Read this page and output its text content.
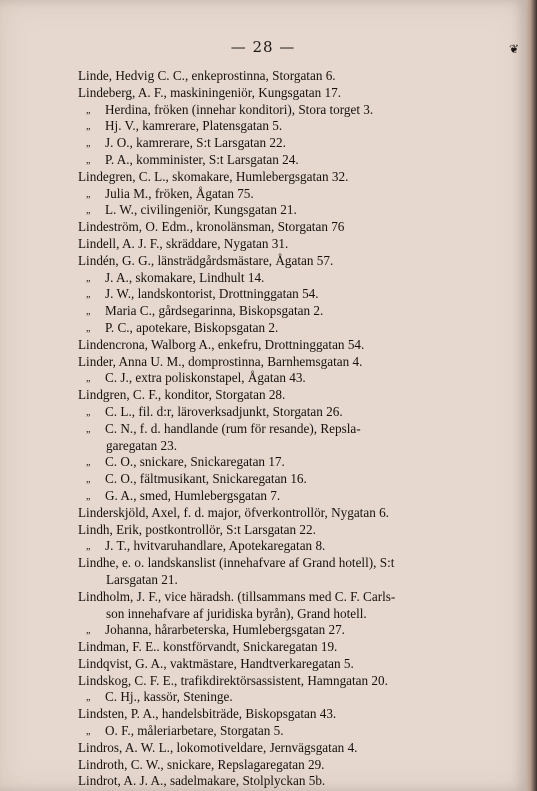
— 28 —
Linde, Hedvig C. C., enkeprostinna, Storgatan 6.
Lindeberg, A. F., maskiningeniör, Kungsgatan 17.
„ Herdina, fröken (innehar konditori), Stora torget 3.
„ Hj. V., kamrerare, Platensgatan 5.
„ J. O., kamrerare, S:t Larsgatan 22.
„ P. A., komminister, S:t Larsgatan 24.
Lindegren, C. L., skomakare, Humlebergsgatan 32.
„ Julia M., fröken, Ågatan 75.
„ L. W., civilingeniör, Kungsgatan 21.
Lindeström, O. Edm., kronolänsman, Storgatan 76
Lindell, A. J. F., skräddare, Nygatan 31.
Lindén, G. G., länsträdgårdsmästare, Ågatan 57.
„ J. A., skomakare, Lindhult 14.
„ J. W., landskontorist, Drottninggatan 54.
„ Maria C., gårdsegarinna, Biskopsgatan 2.
„ P. C., apotekare, Biskopsgatan 2.
Lindencrona, Walborg A., enkefru, Drottninggatan 54.
Linder, Anna U. M., domprostinna, Barnhemsgatan 4.
„ C. J., extra poliskonstapel, Ågatan 43.
Lindgren, C. F., konditor, Storgatan 28.
„ C. L., fil. d:r, läroverksadjunkt, Storgatan 26.
„ C. N., f. d. handlande (rum för resande), Repsla-
garegatan 23.
„ C. O., snickare, Snickaregatan 17.
„ C. O., fältmusikant, Snickaregatan 16.
„ G. A., smed, Humlebergsgatan 7.
Linderskjöld, Axel, f. d. major, öfverkontrollör, Nygatan 6.
Lindh, Erik, postkontrollör, S:t Larsgatan 22.
„ J. T., hvitvaruhandlare, Apotekaregatan 8.
Lindhe, e. o. landskanslist (innehafvare af Grand hotell), S:t
Larsgatan 21.
Lindholm, J. F., vice häradsh. (tillsammans med C. F. Carls-
son innehafvare af juridiska byrån), Grand hotell.
„ Johanna, hårarbeterska, Humlebergsgatan 27.
Lindman, F. E.. konstförvandt, Snickaregatan 19.
Lindqvist, G. A., vaktmästare, Handtverkaregatan 5.
Lindskog, C. F. E., trafikdirektörsassistent, Hamngatan 20.
„ C. Hj., kassör, Steninge.
Lindsten, P. A., handelsbiträde, Biskopsgatan 43.
„ O. F., måleriarbetare, Storgatan 5.
Lindros, A. W. L., lokomotiveldare, Jernvägsgatan 4.
Lindroth, C. W., snickare, Repslagaregatan 29.
Lindrot, A. J. A., sadelmakare, Stolplyckan 5b.
❦
